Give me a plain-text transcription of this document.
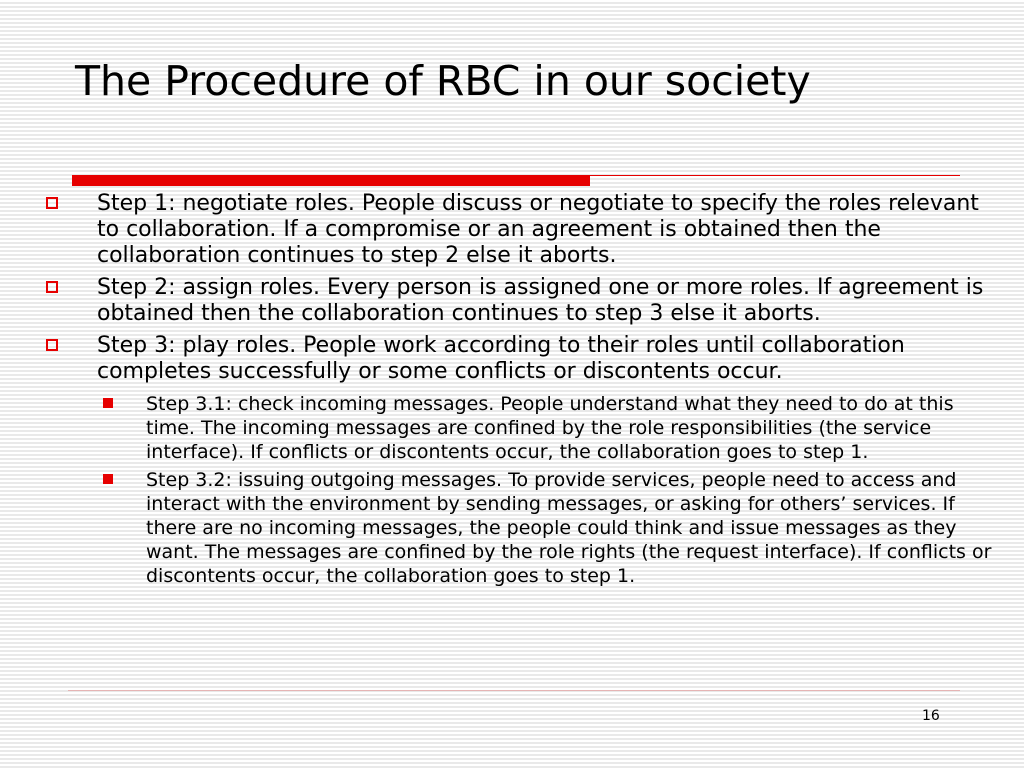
The Procedure of RBC in our society
Step 1: negotiate roles. People discuss or negotiate to specify the roles relevant to collaboration. If a compromise or an agreement is obtained then the collaboration continues to step 2 else it aborts.
Step 2: assign roles. Every person is assigned one or more roles. If agreement is obtained then the collaboration continues to step 3 else it aborts.
Step 3: play roles. People work according to their roles until collaboration completes successfully or some conflicts or discontents occur.
Step 3.1: check incoming messages. People understand what they need to do at this time. The incoming messages are confined by the role responsibilities (the service interface). If conflicts or discontents occur, the collaboration goes to step 1.
Step 3.2: issuing outgoing messages. To provide services, people need to access and interact with the environment by sending messages, or asking for others’ services. If there are no incoming messages, the people could think and issue messages as they want. The messages are confined by the role rights (the request interface). If conflicts or discontents occur, the collaboration goes to step 1.
16
